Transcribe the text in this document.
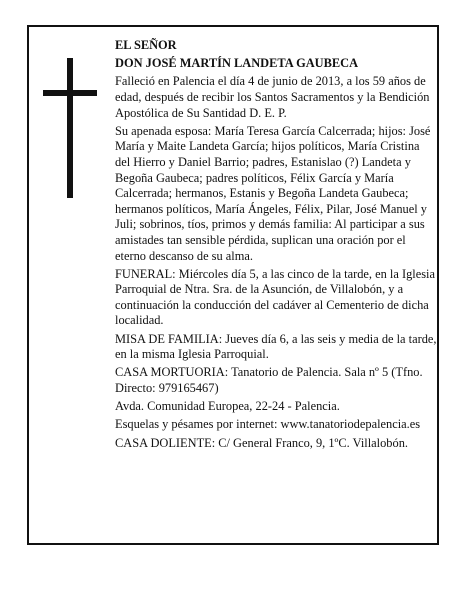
EL SEÑOR

DON JOSÉ MARTÍN LANDETA GAUBECA

Falleció en Palencia el día 4 de junio de 2013, a los 59 años de edad, después de recibir los Santos Sacramentos y la Bendición Apostólica de Su Santidad D. E. P.

Su apenada esposa: María Teresa García Calcerrada; hijos: José María y Maite Landeta García; hijos políticos, María Cristina del Hierro y Daniel Barrio; padres, Estanislao (?) Landeta y Begoña Gaubeca; padres políticos, Félix García y María Calcerrada; hermanos, Estanis y Begoña Landeta Gaubeca; hermanos políticos, María Ángeles, Félix, Pilar, José Manuel y Juli; sobrinos, tíos, primos y demás familia: Al participar a sus amistades tan sensible pérdida, suplican una oración por el eterno descanso de su alma.

FUNERAL: Miércoles día 5, a las cinco de la tarde, en la Iglesia Parroquial de Ntra. Sra. de la Asunción, de Villalobón, y a continuación la conducción del cadáver al Cementerio de dicha localidad.

MISA DE FAMILIA: Jueves día 6, a las seis y media de la tarde, en la misma Iglesia Parroquial.

CASA MORTUORIA: Tanatorio de Palencia. Sala nº 5 (Tfno. Directo: 979165467)

Avda. Comunidad Europea, 22-24 - Palencia.

Esquelas y pésames por internet: www.tanatoriodepalencia.es

CASA DOLIENTE: C/ General Franco, 9, 1ºC. Villalobón.
